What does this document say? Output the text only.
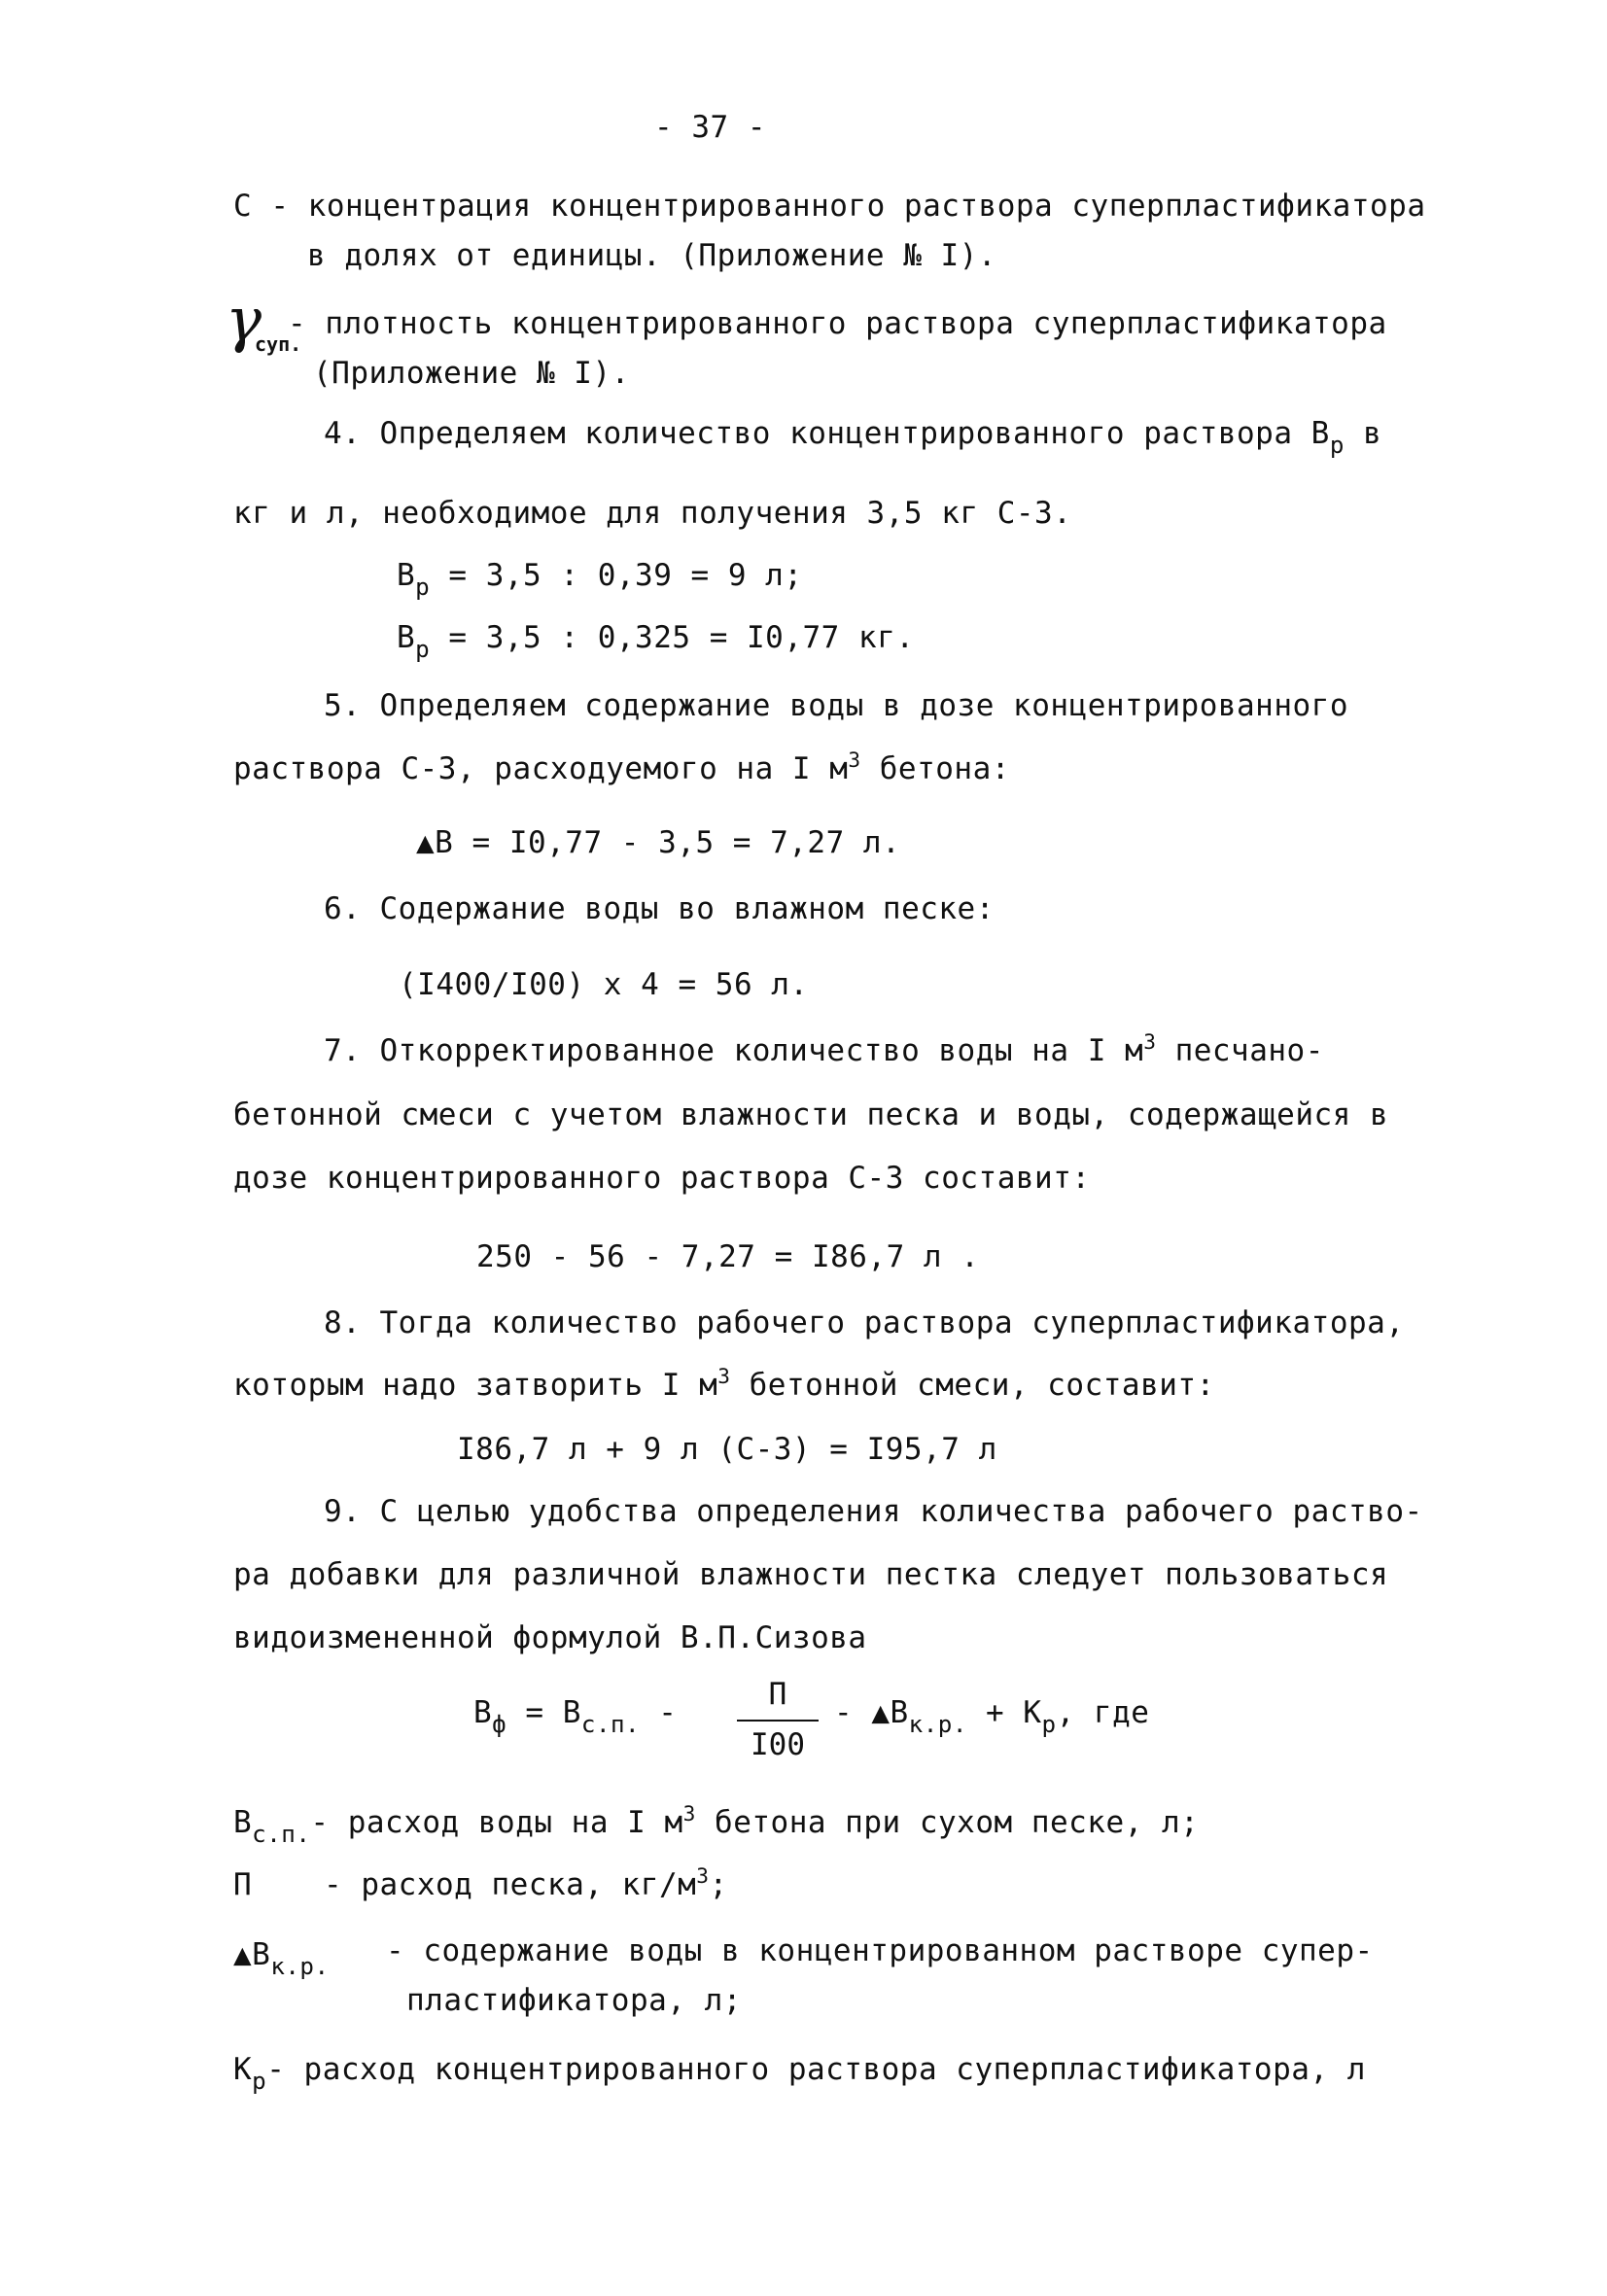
- 37 -
С - концентрация концентрированного раствора суперпластификатора
в долях от единицы. (Приложение № I).
γ
суп.
- плотность концентрированного раствора суперпластификатора
(Приложение № I).
4. Определяем количество концентрированного раствора $В_р$ в
кг и л, необходимое для получения 3,5 кг С-3.
$В_р = 3,5$ : 0,39 = 9 л;
$В_р = 3,5$ : 0,325 = I0,77 кг.
5. Определяем содержание воды в дозе концентрированного
раствора С-3, расходуемого на I $м^3$ бетона:
▲В = I0,77 - 3,5 = 7,27 л.
6. Содержание воды во влажном песке:
(I400/I00) х 4 = 56 л.
7. Откорректированное количество воды на I $м^3$ песчано-
бетонной смеси с учетом влажности песка и воды, содержащейся в
дозе концентрированного раствора С-3 составит:
250 - 56 - 7,27 = I86,7 л .
8. Тогда количество рабочего раствора суперпластификатора,
которым надо затворить I $м^3$ бетонной смеси, составит:
I86,7 л + 9 л (С-3) = I95,7 л
9. С целью удобства определения количества рабочего раство-
ра добавки для различной влажности пестка следует пользоваться
видоизмененной формулой В.П.Сизова
$В_ф = В_{с.п.}$ -
П
I00
- $▲В_{к.р.} + К_р$, где
$В_{с.п.}-$ расход воды на I $м^3$ бетона при сухом песке, л;
П - расход песка, $кг/м^3$;
$▲В_{к.р.}$ - содержание воды в концентрированном растворе супер-
пластификатора, л;
$К_р-$ расход концентрированного раствора суперпластификатора, л
